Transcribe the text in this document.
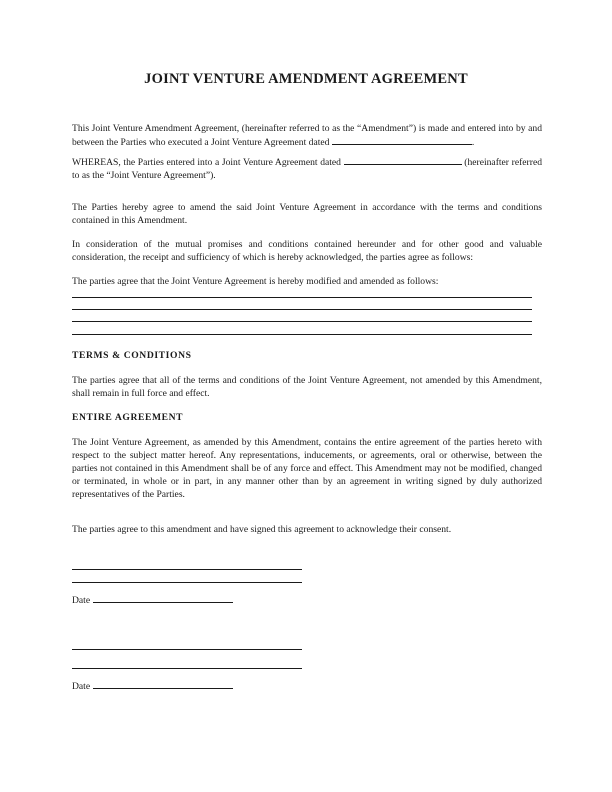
JOINT VENTURE AMENDMENT AGREEMENT
This Joint Venture Amendment Agreement, (hereinafter referred to as the “Amendment”) is made and entered into by and between the Parties who executed a Joint Venture Agreement dated	.
WHEREAS, the Parties entered into a Joint Venture Agreement dated	(hereinafter referred to as the “Joint Venture Agreement”).
The Parties hereby agree to amend the said Joint Venture Agreement in accordance with the terms and conditions contained in this Amendment.
In consideration of the mutual promises and conditions contained hereunder and for other good and valuable consideration, the receipt and sufficiency of which is hereby acknowledged, the parties agree as follows:
The parties agree that the Joint Venture Agreement is hereby modified and amended as follows:
TERMS & CONDITIONS
The parties agree that all of the terms and conditions of the Joint Venture Agreement, not amended by this Amendment, shall remain in full force and effect.
ENTIRE AGREEMENT
The Joint Venture Agreement, as amended by this Amendment, contains the entire agreement of the parties hereto with respect to the subject matter hereof. Any representations, inducements, or agreements, oral or otherwise, between the parties not contained in this Amendment shall be of any force and effect. This Amendment may not be modified, changed or terminated, in whole or in part, in any manner other than by an agreement in writing signed by duly authorized representatives of the Parties.
The parties agree to this amendment and have signed this agreement to acknowledge their consent.
Date
Date
